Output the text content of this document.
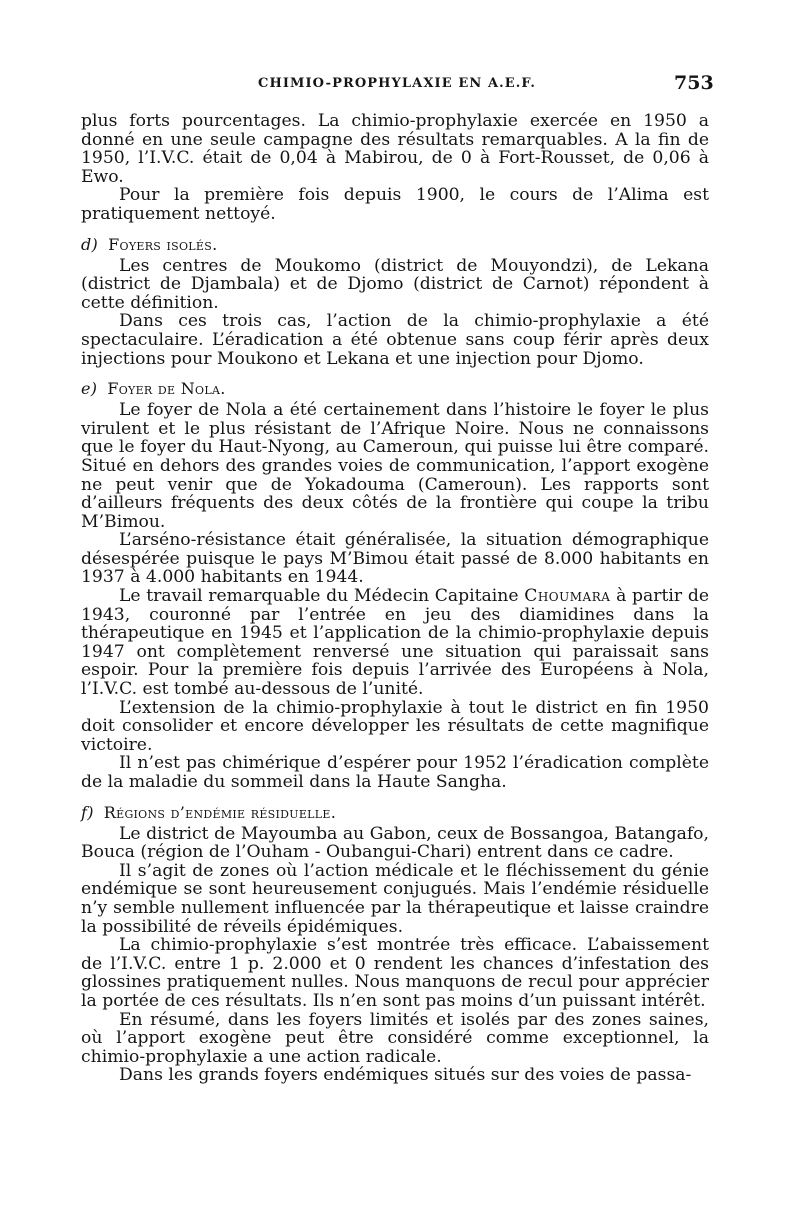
CHIMIO-PROPHYLAXIE EN A.E.F.	753

plus forts pourcentages. La chimio-prophylaxie exercée en 1950 a donné en une seule campagne des résultats remarquables. A la fin de 1950, l’I.V.C. était de 0,04 à Mabirou, de 0 à Fort-Rousset, de 0,06 à Ewo.

Pour la première fois depuis 1900, le cours de l’Alima est pratiquement nettoyé.

d) Foyers isolés.

Les centres de Moukomo (district de Mouyondzi), de Lekana (district de Djambala) et de Djomo (district de Carnot) répondent à cette définition.

Dans ces trois cas, l’action de la chimio-prophylaxie a été spectaculaire. L’éradication a été obtenue sans coup férir après deux injections pour Moukono et Lekana et une injection pour Djomo.

e) Foyer de Nola.

Le foyer de Nola a été certainement dans l’histoire le foyer le plus virulent et le plus résistant de l’Afrique Noire. Nous ne connaissons que le foyer du Haut-Nyong, au Cameroun, qui puisse lui être comparé. Situé en dehors des grandes voies de communication, l’apport exogène ne peut venir que de Yokadouma (Cameroun). Les rapports sont d’ailleurs fréquents des deux côtés de la frontière qui coupe la tribu M’Bimou.

L’arséno-résistance était généralisée, la situation démographique désespérée puisque le pays M’Bimou était passé de 8.000 habitants en 1937 à 4.000 habitants en 1944.

Le travail remarquable du Médecin Capitaine Choumara à partir de 1943, couronné par l’entrée en jeu des diamidines dans la thérapeutique en 1945 et l’application de la chimio-prophylaxie depuis 1947 ont complètement renversé une situation qui paraissait sans espoir. Pour la première fois depuis l’arrivée des Européens à Nola, l’I.V.C. est tombé au-dessous de l’unité.

L’extension de la chimio-prophylaxie à tout le district en fin 1950 doit consolider et encore développer les résultats de cette magnifique victoire.

Il n’est pas chimérique d’espérer pour 1952 l’éradication complète de la maladie du sommeil dans la Haute Sangha.

f) Régions d’endémie résiduelle.

Le district de Mayoumba au Gabon, ceux de Bossangoa, Batangafo, Bouca (région de l’Ouham - Oubangui-Chari) entrent dans ce cadre.

Il s’agit de zones où l’action médicale et le fléchissement du génie endémique se sont heureusement conjugués. Mais l’endémie résiduelle n’y semble nullement influencée par la thérapeutique et laisse craindre la possibilité de réveils épidémiques.

La chimio-prophylaxie s’est montrée très efficace. L’abaissement de l’I.V.C. entre 1 p. 2.000 et 0 rendent les chances d’infestation des glossines pratiquement nulles. Nous manquons de recul pour apprécier la portée de ces résultats. Ils n’en sont pas moins d’un puissant intérêt.

En résumé, dans les foyers limités et isolés par des zones saines, où l’apport exogène peut être considéré comme exceptionnel, la chimio-prophylaxie a une action radicale.

Dans les grands foyers endémiques situés sur des voies de passa-
